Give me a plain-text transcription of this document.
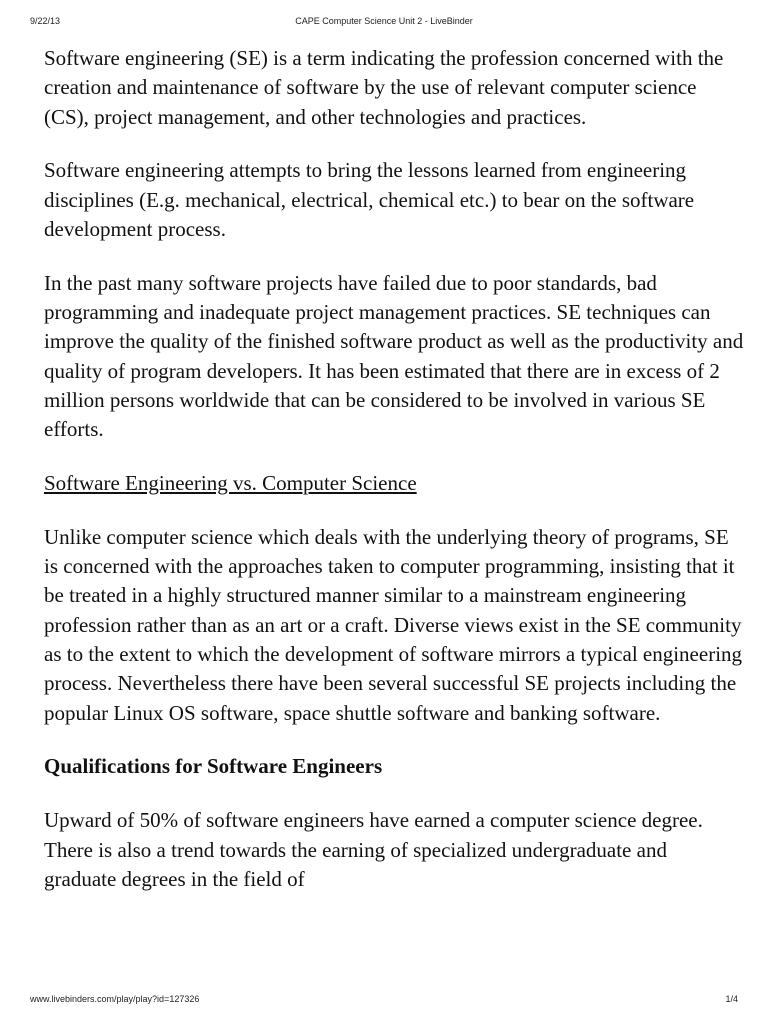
9/22/13	CAPE Computer Science Unit 2 - LiveBinder

Software engineering (SE) is a term indicating the profession concerned with the creation and maintenance of software by the use of relevant computer science (CS), project management, and other technologies and practices.

Software engineering attempts to bring the lessons learned from engineering disciplines (E.g. mechanical, electrical, chemical etc.) to bear on the software development process.

In the past many software projects have failed due to poor standards, bad programming and inadequate project management practices. SE techniques can improve the quality of the finished software product as well as the productivity and quality of program developers. It has been estimated that there are in excess of 2 million persons worldwide that can be considered to be involved in various SE efforts.

Software Engineering vs. Computer Science

Unlike computer science which deals with the underlying theory of programs, SE is concerned with the approaches taken to computer programming, insisting that it be treated in a highly structured manner similar to a mainstream engineering profession rather than as an art or a craft. Diverse views exist in the SE community as to the extent to which the development of software mirrors a typical engineering process. Nevertheless there have been several successful SE projects including the popular Linux OS software, space shuttle software and banking software.

Qualifications for Software Engineers

Upward of 50% of software engineers have earned a computer science degree. There is also a trend towards the earning of specialized undergraduate and graduate degrees in the field of

www.livebinders.com/play/play?id=127326	1/4
